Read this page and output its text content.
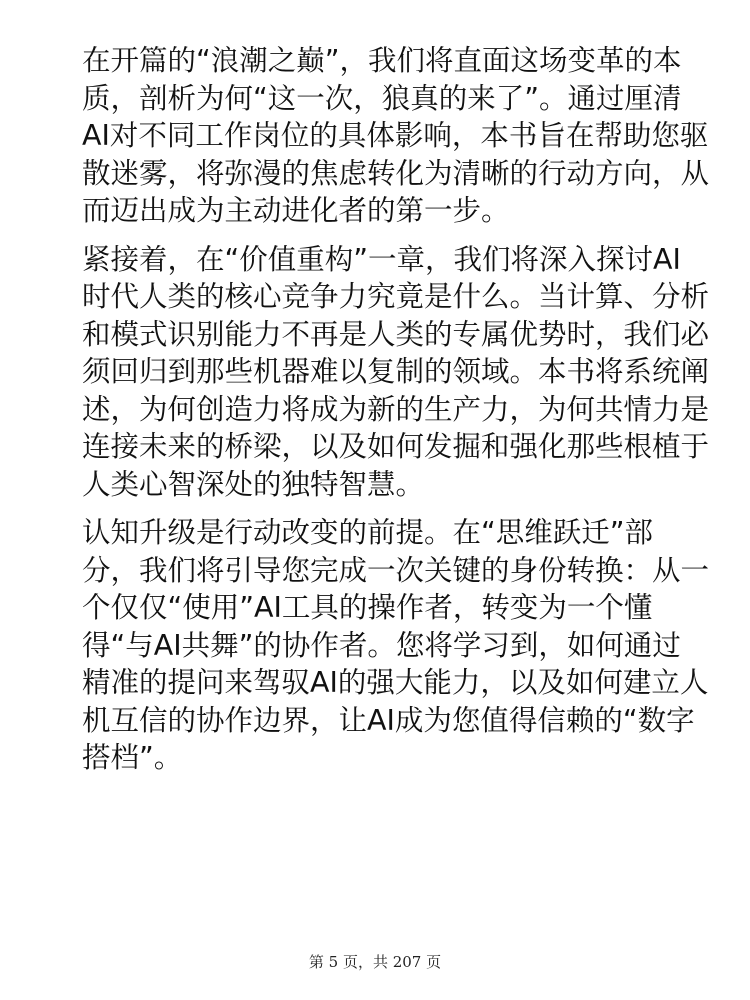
在开篇的“浪潮之巅”，我们将直面这场变革的本
质，剖析为何“这一次，狼真的来了”。通过厘清
AI对不同工作岗位的具体影响，本书旨在帮助您驱
散迷雾，将弥漫的焦虑转化为清晰的行动方向，从
而迈出成为主动进化者的第一步。

紧接着，在“价值重构”一章，我们将深入探讨AI
时代人类的核心竞争力究竟是什么。当计算、分析
和模式识别能力不再是人类的专属优势时，我们必
须回归到那些机器难以复制的领域。本书将系统阐
述，为何创造力将成为新的生产力，为何共情力是
连接未来的桥梁，以及如何发掘和强化那些根植于
人类心智深处的独特智慧。

认知升级是行动改变的前提。在“思维跃迁”部
分，我们将引导您完成一次关键的身份转换：从一
个仅仅“使用”AI工具的操作者，转变为一个懂
得“与AI共舞”的协作者。您将学习到，如何通过
精准的提问来驾驭AI的强大能力，以及如何建立人
机互信的协作边界，让AI成为您值得信赖的“数字
搭档”。

第 5 页，共 207 页
